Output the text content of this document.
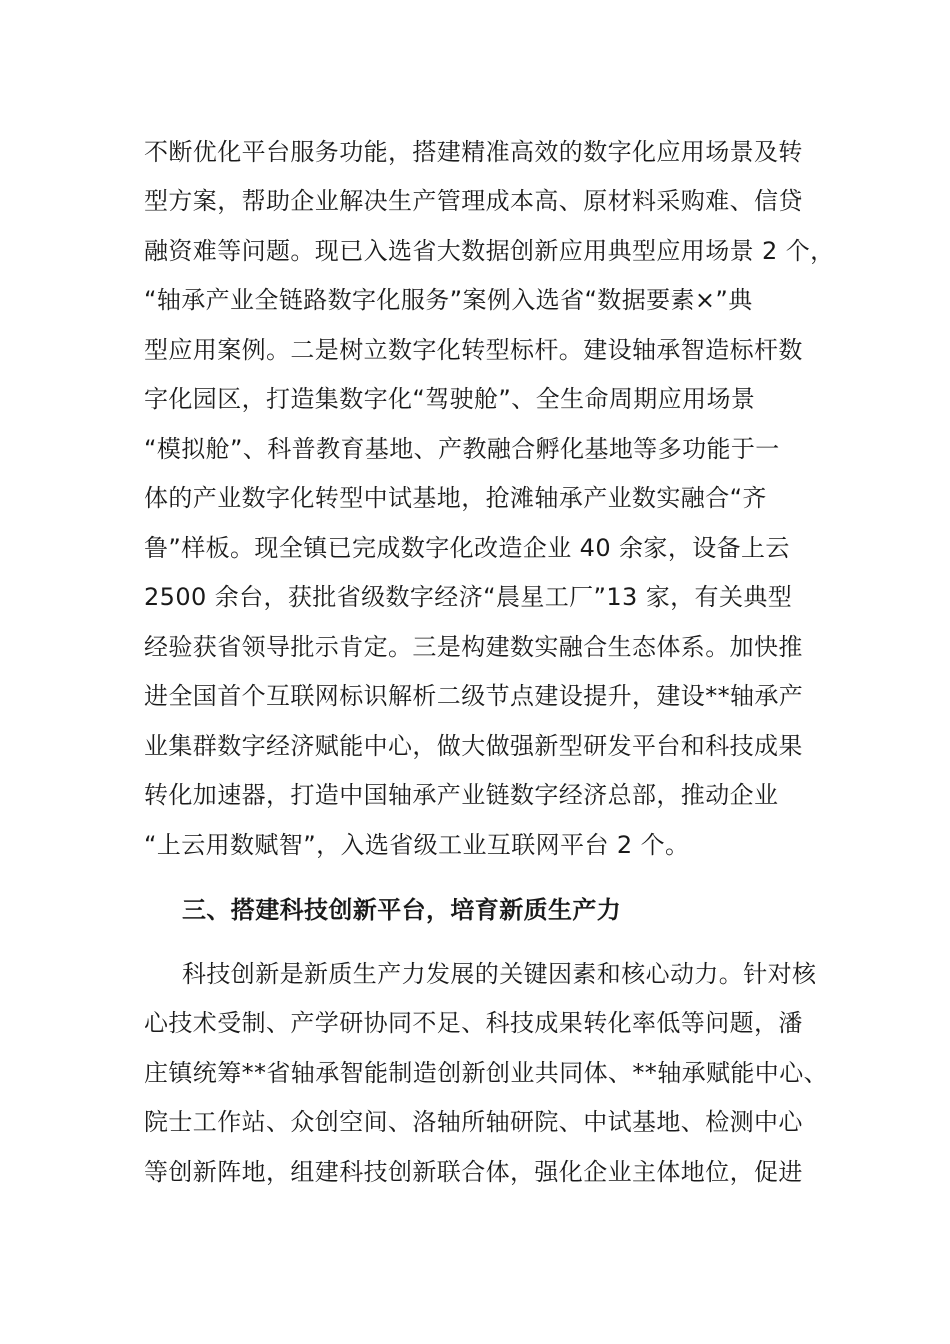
不断优化平台服务功能，搭建精准高效的数字化应用场景及转
型方案，帮助企业解决生产管理成本高、原材料采购难、信贷
融资难等问题。现已入选省大数据创新应用典型应用场景 2 个，
“轴承产业全链路数字化服务”案例入选省“数据要素×”典
型应用案例。二是树立数字化转型标杆。建设轴承智造标杆数
字化园区，打造集数字化“驾驶舱”、全生命周期应用场景
“模拟舱”、科普教育基地、产教融合孵化基地等多功能于一
体的产业数字化转型中试基地，抢滩轴承产业数实融合“齐
鲁”样板。现全镇已完成数字化改造企业 40 余家，设备上云
2500 余台，获批省级数字经济“晨星工厂”13 家，有关典型
经验获省领导批示肯定。三是构建数实融合生态体系。加快推
进全国首个互联网标识解析二级节点建设提升，建设**轴承产
业集群数字经济赋能中心，做大做强新型研发平台和科技成果
转化加速器，打造中国轴承产业链数字经济总部，推动企业
“上云用数赋智”，入选省级工业互联网平台 2 个。
三、搭建科技创新平台，培育新质生产力
科技创新是新质生产力发展的关键因素和核心动力。针对核
心技术受制、产学研协同不足、科技成果转化率低等问题，潘
庄镇统筹**省轴承智能制造创新创业共同体、**轴承赋能中心、
院士工作站、众创空间、洛轴所轴研院、中试基地、检测中心
等创新阵地，组建科技创新联合体，强化企业主体地位，促进
